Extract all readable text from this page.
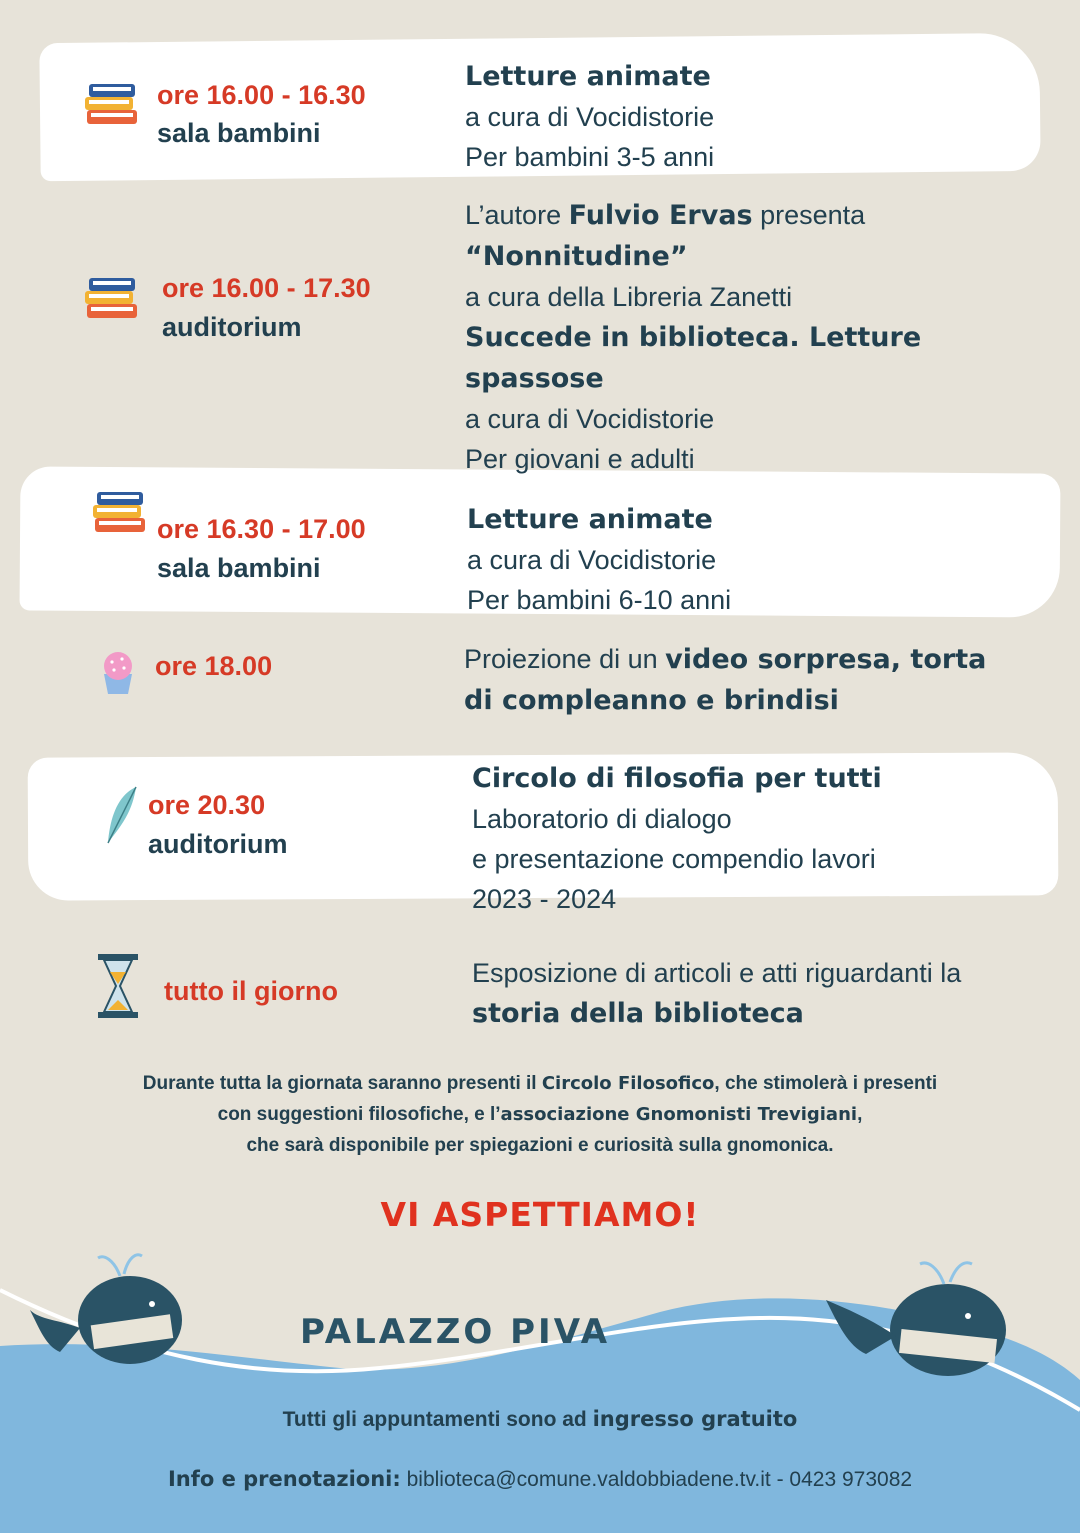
ore 16.00 - 16.30
sala bambini
Letture animate
a cura di Vocidistorie
Per bambini 3-5 anni
ore 16.00 - 17.30
auditorium
L’autore Fulvio Ervas presenta
“Nonnitudine”
a cura della Libreria Zanetti
Succede in biblioteca. Letture
spassose
a cura di Vocidistorie
Per giovani e adulti
ore 16.30 - 17.00
sala bambini
Letture animate
a cura di Vocidistorie
Per bambini 6-10 anni
ore 18.00	Proiezione di un video sorpresa, torta
di compleanno e brindisi
ore 20.30
auditorium
Circolo di filosofia per tutti
Laboratorio di dialogo
e presentazione compendio lavori
2023 - 2024
tutto il giorno
Esposizione di articoli e atti riguardanti la
storia della biblioteca
Durante tutta la giornata saranno presenti il Circolo Filosofico, che stimolerà i presenti
con suggestioni filosofiche, e l’associazione Gnomonisti Trevigiani,
che sarà disponibile per spiegazioni e curiosità sulla gnomonica.
VI ASPETTIAMO!
PALAZZO PIVA
Tutti gli appuntamenti sono ad ingresso gratuito
Info e prenotazioni: biblioteca@comune.valdobbiadene.tv.it - 0423 973082
